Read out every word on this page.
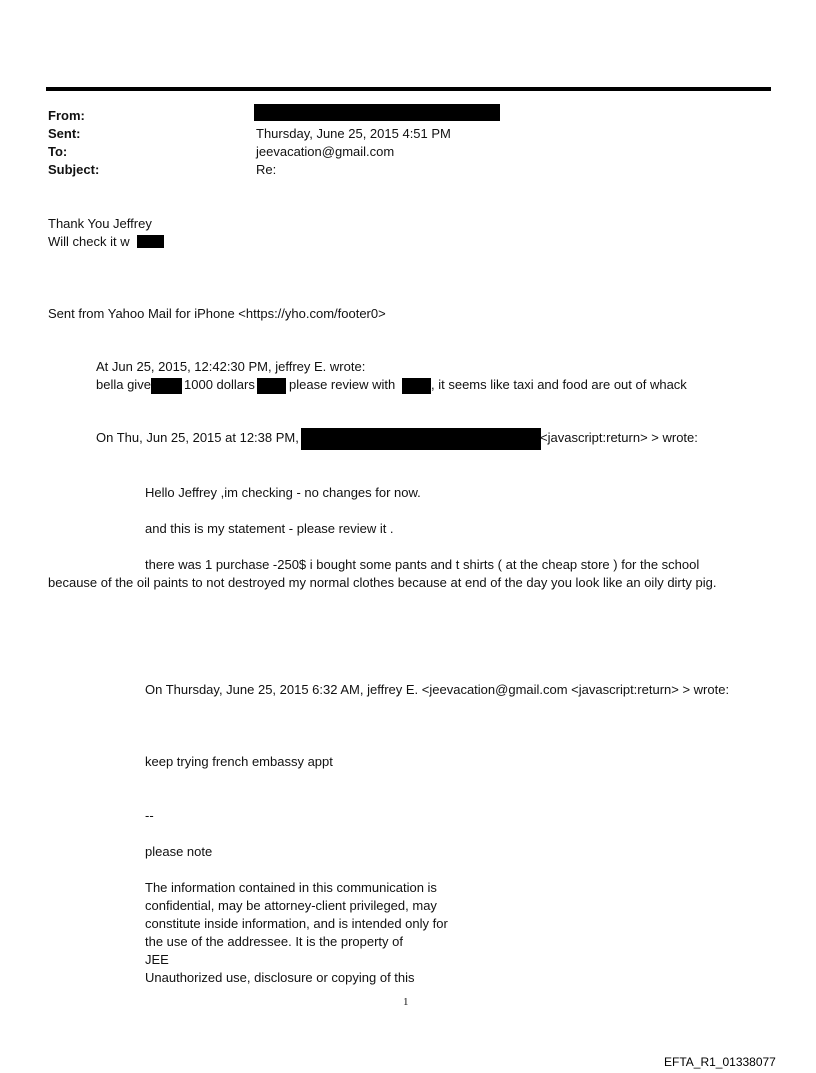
From:
Sent:	Thursday, June 25, 2015 4:51 PM
To:	jeevacation@gmail.com
Subject:	Re:
Thank You Jeffrey
Will check it w
Sent from Yahoo Mail for iPhone <https://yho.com/footer0>
At Jun 25, 2015, 12:42:30 PM, jeffrey E. wrote:
bella give	1000 dollars	please review with	, it seems like taxi and food are out of whack
On Thu, Jun 25, 2015 at 12:38 PM,	<javascript:return> > wrote:
Hello Jeffrey ,im checking - no changes for now.
and this is my statement - please review it .
there was 1 purchase -250$ i bought some pants and t shirts ( at the cheap store ) for the school
because of the oil paints to not destroyed my normal clothes because at end of the day you look like an oily dirty pig.
On Thursday, June 25, 2015 6:32 AM, jeffrey E. <jeevacation@gmail.com <javascript:return> > wrote:
keep trying french embassy appt
--
please note
The information contained in this communication is
confidential, may be attorney-client privileged, may
constitute inside information, and is intended only for
the use of the addressee. It is the property of
JEE
Unauthorized use, disclosure or copying of this
1
EFTA_R1_01338077
